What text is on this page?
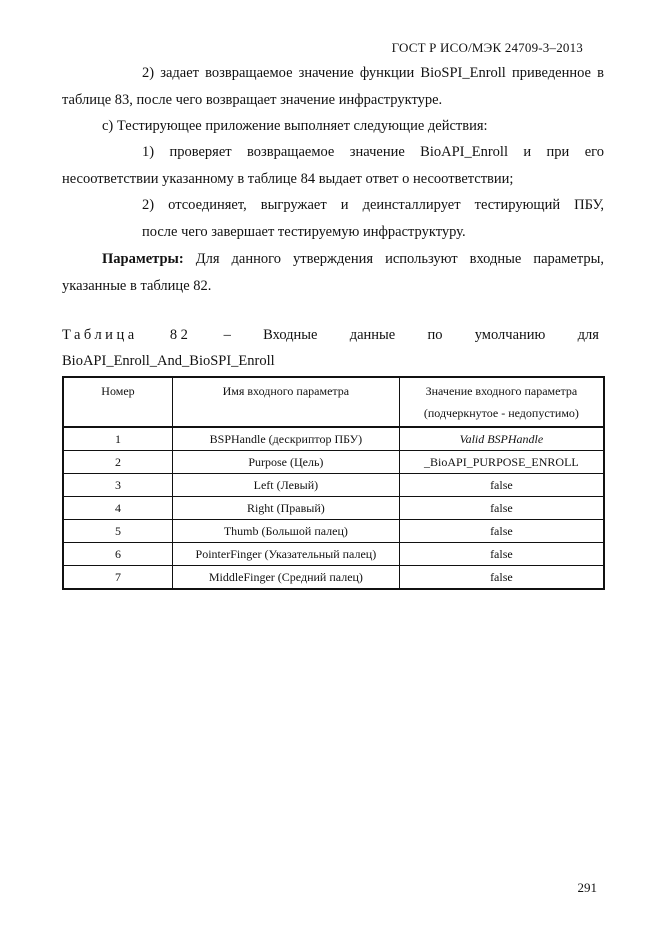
ГОСТ Р ИСО/МЭК 24709-3–2013
2) задает возвращаемое значение функции BioSPI_Enroll приведенное в таблице 83, после чего возвращает значение инфраструктуре.
c) Тестирующее приложение выполняет следующие действия:
1) проверяет возвращаемое значение BioAPI_Enroll и при его несоответствии указанному в таблице 84 выдает ответ о несоответствии;
2) отсоединяет, выгружает и деинсталлирует тестирующий ПБУ,
после чего завершает тестируемую инфраструктуру.
Параметры: Для данного утверждения используют входные параметры, указанные в таблице 82.
Таблица 82 – Входные данные по умолчанию для
BioAPI_Enroll_And_BioSPI_Enroll
Номер	Имя входного параметра	Значение входного параметра
(подчеркнутое - недопустимо)

1	BSPHandle (дескриптор ПБУ)	Valid BSPHandle
2	Purpose (Цель)	_BioAPI_PURPOSE_ENROLL
3	Left (Левый)	false
4	Right (Правый)	false
5	Thumb (Большой палец)	false
6	PointerFinger (Указательный палец)	false
7	MiddleFinger (Средний палец)	false
291
